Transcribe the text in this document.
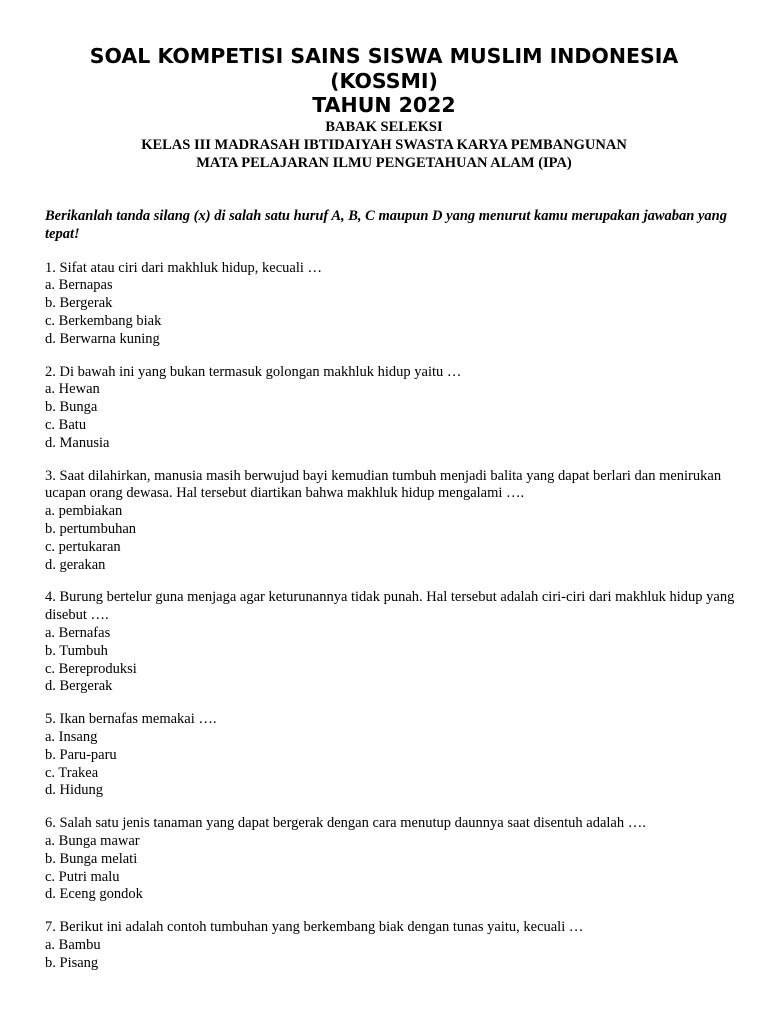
SOAL KOMPETISI SAINS SISWA MUSLIM INDONESIA

(KOSSMI)

TAHUN 2022

BABAK SELEKSI

KELAS III MADRASAH IBTIDAIYAH SWASTA KARYA PEMBANGUNAN

MATA PELAJARAN ILMU PENGETAHUAN ALAM (IPA)

Berikanlah tanda silang (x) di salah satu huruf A, B, C maupun D yang menurut kamu merupakan jawaban yang tepat!

1. Sifat atau ciri dari makhluk hidup, kecuali …

a. Bernapas

b. Bergerak

c. Berkembang biak

d. Berwarna kuning

2. Di bawah ini yang bukan termasuk golongan makhluk hidup yaitu …

a. Hewan

b. Bunga

c. Batu

d. Manusia

3. Saat dilahirkan, manusia masih berwujud bayi kemudian tumbuh menjadi balita yang dapat berlari dan menirukan ucapan orang dewasa. Hal tersebut diartikan bahwa makhluk hidup mengalami ….

a. pembiakan

b. pertumbuhan

c. pertukaran

d. gerakan

4. Burung bertelur guna menjaga agar keturunannya tidak punah. Hal tersebut adalah ciri-ciri dari makhluk hidup yang disebut ….

a. Bernafas

b. Tumbuh

c. Bereproduksi

d. Bergerak

5. Ikan bernafas memakai ….

a. Insang

b. Paru-paru

c. Trakea

d. Hidung

6. Salah satu jenis tanaman yang dapat bergerak dengan cara menutup daunnya saat disentuh adalah ….

a. Bunga mawar

b. Bunga melati

c. Putri malu

d. Eceng gondok

7. Berikut ini adalah contoh tumbuhan yang berkembang biak dengan tunas yaitu, kecuali …

a. Bambu

b. Pisang
